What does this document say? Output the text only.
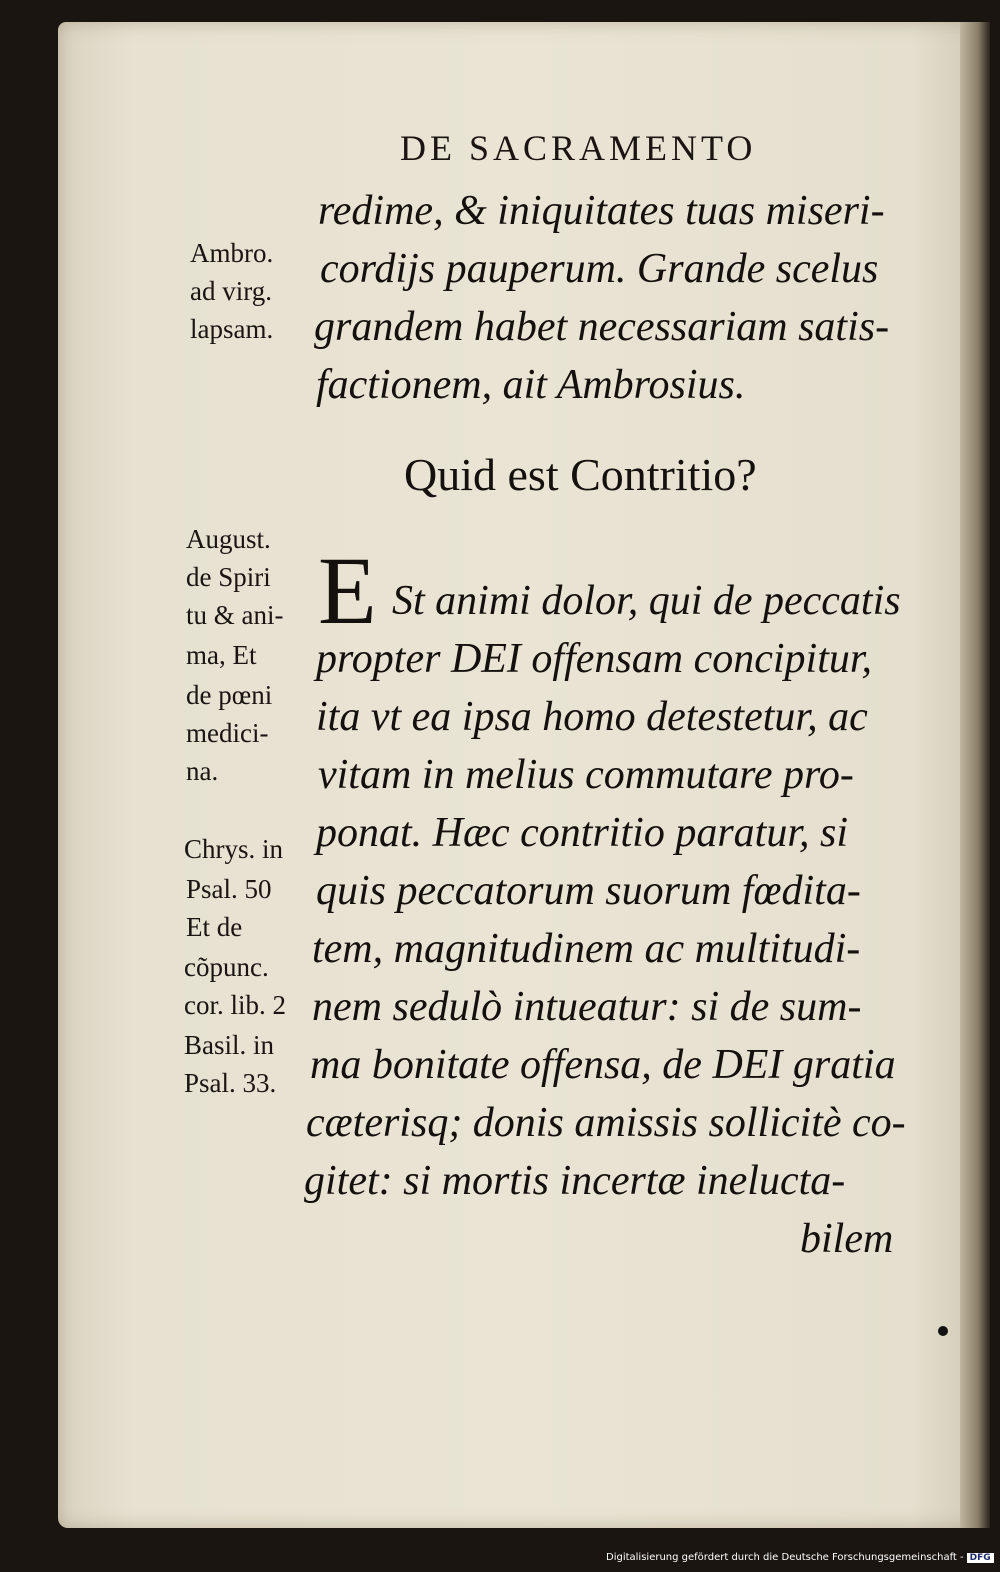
DE SACRAMENTO
redime, & iniquitates tuas miseri-
cordijs pauperum. Grande scelus
grandem habet necessariam satis-
factionem, ait Ambrosius.
Ambro.
ad virg.
lapsam.
Quid est Contritio?
E St animi dolor, qui de peccatis
propter DEI offensam concipitur,
ita vt ea ipsa homo detestetur, ac
vitam in melius commutare pro-
ponat. Hæc contritio paratur, si
quis peccatorum suorum fœdita-
tem, magnitudinem ac multitudi-
nem sedulò intueatur: si de sum-
ma bonitate offensa, de DEI gratia
cæterisq; donis amissis sollicitè co-
gitet: si mortis incertæ inelucta-
bilem
August.
de Spiri
tu & ani-
ma, Et
de pœni
medici-
na.
Chrys. in
Psal. 50
Et de
cõpunc.
cor. lib. 2
Basil. in
Psal. 33.
Digitalisierung gefördert durch die Deutsche Forschungsgemeinschaft - DFG
